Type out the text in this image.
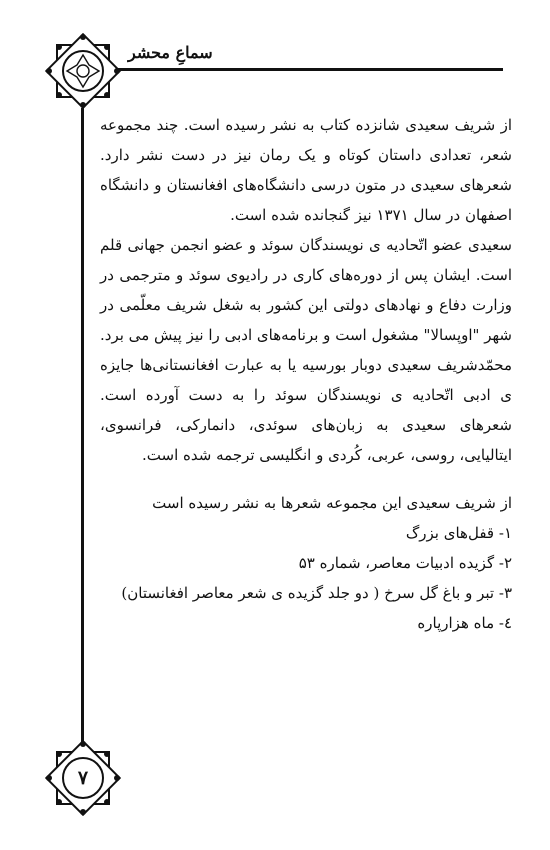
سماعِ محشر
۷

از شریف سعیدی شانزده کتاب به نشر رسیده است. چند مجموعه شعر، تعدادی داستان کوتاه و یک رمان نیز در دست نشر دارد. شعرهای سعیدی در متون درسی دانشگاه‌های افغانستان و دانشگاه اصفهان در سال ۱۳۷۱ نیز گنجانده شده است.

سعیدی عضو اتّحادیه ی نویسندگان سوئد و عضو انجمن جهانی قلم است. ایشان پس از دوره‌های کاری در رادیوی سوئد و مترجمی در وزارت دفاع و نهادهای دولتی این کشور به شغل شریف معلّمی در شهر "اوپسالا" مشغول است و برنامه‌های ادبی را نیز پیش می برد. محمّدشریف سعیدی دوبار بورسیه یا به عبارت افغانستانی‌ها جایزه ی ادبی اتّحادیه ی نویسندگان سوئد را به دست آورده است. شعرهای سعیدی به زبان‌های سوئدی، دانمارکی، فرانسوی، ایتالیایی، روسی، عربی، کُردی و انگلیسی ترجمه شده است.

از شریف سعیدی این مجموعه شعرها به نشر رسیده است

۱- قفل‌های بزرگ

۲- گزیده ادبیات معاصر، شماره ۵۳

۳- تبر و باغ گل سرخ ( دو جلد گزیده ی شعر معاصر افغانستان)

٤- ماه هزارپاره
